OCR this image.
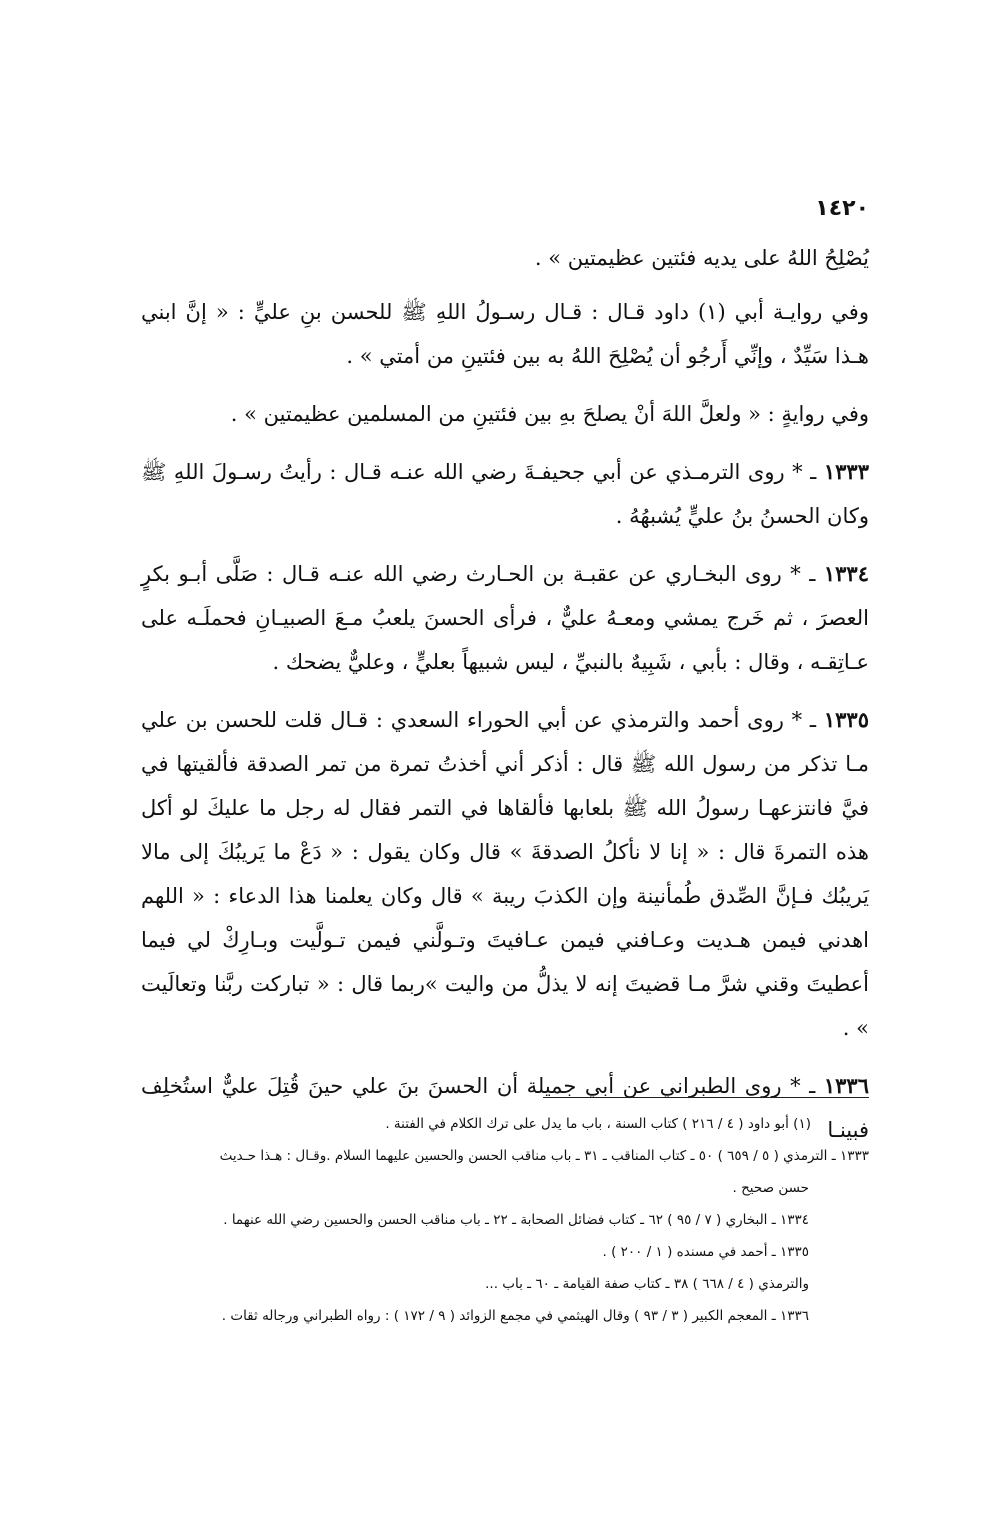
١٤٢٠

يُصْلِحُ اللهُ على يديه فئتين عظيمتين » .

وفي روايـة أبي (١) داود قـال : قـال رسـولُ اللهِ ﷺ للحسن بنِ عليٍّ : « إنَّ ابني هـذا سَيِّدٌ ، وإنِّي أَرجُو أن يُصْلِحَ اللهُ به بين فئتينِ من أمتي » .

وفي روايةٍ : « ولعلَّ اللهَ أنْ يصلحَ بهِ بين فئتينِ من المسلمين عظيمتين » .

١٣٣٣ ـ * روى الترمـذي عن أبي جحيفـةَ رضي الله عنـه قـال : رأيتُ رسـولَ اللهِ ﷺ وكان الحسنُ بنُ عليٍّ يُشبهُهُ .

١٣٣٤ ـ * روى البخـاري عن عقبـة بن الحـارث رضي الله عنـه قـال : صَلَّى أبـو بكرٍ العصرَ ، ثم خَرج يمشي ومعـهُ عليٌّ ، فرأى الحسنَ يلعبُ مـعَ الصبيـانِ فحملَـه على عـاتِقـه ، وقال : بأبي ، شَبِيهٌ بالنبيِّ ، ليس شبيهاً بعليٍّ ، وعليٌّ يضحك .

١٣٣٥ ـ * روى أحمد والترمذي عن أبي الحوراء السعدي : قـال قلت للحسن بن علي مـا تذكر من رسول الله ﷺ قال : أذكر أني أخذتُ تمرة من تمر الصدقة فألقيتها في فيَّ فانتزعهـا رسولُ الله ﷺ بلعابها فألقاها في التمر فقال له رجل ما عليكَ لو أكل هذه التمرةَ قال : « إنا لا نأكلُ الصدقةَ » قال وكان يقول : « دَعْ ما يَريبُكَ إلى مالا يَريبُك فـإنَّ الصِّدق طُمأنينة وإن الكذبَ ريبة » قال وكان يعلمنا هذا الدعاء : « اللهم اهدني فيمن هـديت وعـافني فيمن عـافيتَ وتـولَّني فيمن تـولَّيت وبـارِكْ لي فيما أعطيتَ وقني شرَّ مـا قضيتَ إنه لا يذلُّ من واليت »ربما قال : « تباركت ربَّنا وتعالَيت » .

١٣٣٦ ـ * روى الطبراني عن أبي جميلة أن الحسنَ بنَ علي حينَ قُتِلَ عليٌّ استُخلِف فبينـا

(١) أبو داود ( ٤ / ٢١٦ ) كتاب السنة ، باب ما يدل على ترك الكلام في الفتنة .

١٣٣٣ ـ الترمذي ( ٥ / ٦٥٩ ) ٥٠ ـ كتاب المناقب ـ ٣١ ـ باب مناقب الحسن والحسين عليهما السلام .وقـال : هـذا حـديث

حسن صحيح .

١٣٣٤ ـ البخاري ( ٧ / ٩٥ ) ٦٢ ـ كتاب فضائل الصحابة ـ ٢٢ ـ باب مناقب الحسن والحسين رضي الله عنهما .

١٣٣٥ ـ أحمد في مسنده ( ١ / ٢٠٠ ) .

والترمذي ( ٤ / ٦٦٨ ) ٣٨ ـ كتاب صفة القيامة ـ ٦٠ ـ باب ...

١٣٣٦ ـ المعجم الكبير ( ٣ / ٩٣ ) وقال الهيثمي في مجمع الزوائد ( ٩ / ١٧٢ ) : رواه الطبراني ورجاله ثقات .
